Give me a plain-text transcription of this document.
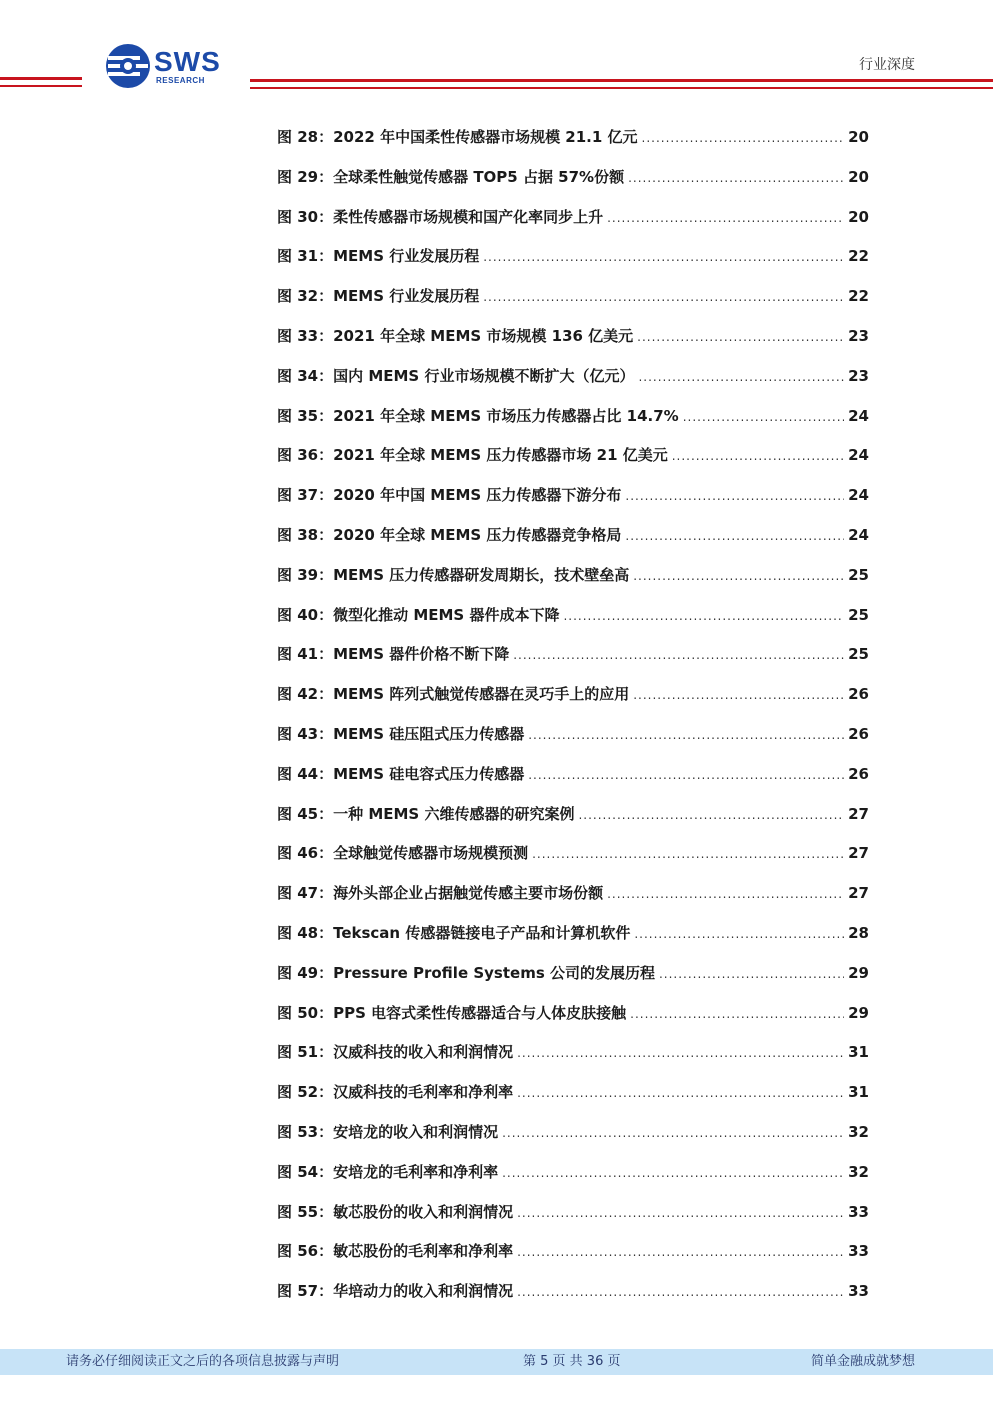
SWS
RESEARCH
行业深度
图 28：2022 年中国柔性传感器市场规模 21.1 亿元 .....	20
图 29：全球柔性触觉传感器 TOP5 占据 57%份额 .....	20
图 30：柔性传感器市场规模和国产化率同步上升 .....	20
图 31：MEMS 行业发展历程 .....	22
图 32：MEMS 行业发展历程 .....	22
图 33：2021 年全球 MEMS 市场规模 136 亿美元 .....	23
图 34：国内 MEMS 行业市场规模不断扩大（亿元） .....	23
图 35：2021 年全球 MEMS 市场压力传感器占比 14.7% .....	24
图 36：2021 年全球 MEMS 压力传感器市场 21 亿美元 .....	24
图 37：2020 年中国 MEMS 压力传感器下游分布 .....	24
图 38：2020 年全球 MEMS 压力传感器竞争格局 .....	24
图 39：MEMS 压力传感器研发周期长，技术壁垒高 .....	25
图 40：微型化推动 MEMS 器件成本下降 .....	25
图 41：MEMS 器件价格不断下降 .....	25
图 42：MEMS 阵列式触觉传感器在灵巧手上的应用 .....	26
图 43：MEMS 硅压阻式压力传感器 .....	26
图 44：MEMS 硅电容式压力传感器 .....	26
图 45：一种 MEMS 六维传感器的研究案例 .....	27
图 46：全球触觉传感器市场规模预测 .....	27
图 47：海外头部企业占据触觉传感主要市场份额 .....	27
图 48：Tekscan 传感器链接电子产品和计算机软件 .....	28
图 49：Pressure Profile Systems 公司的发展历程 .....	29
图 50：PPS 电容式柔性传感器适合与人体皮肤接触 .....	29
图 51：汉威科技的收入和利润情况 .....	31
图 52：汉威科技的毛利率和净利率 .....	31
图 53：安培龙的收入和利润情况 .....	32
图 54：安培龙的毛利率和净利率 .....	32
图 55：敏芯股份的收入和利润情况 .....	33
图 56：敏芯股份的毛利率和净利率 .....	33
图 57：华培动力的收入和利润情况 .....	33
请务必仔细阅读正文之后的各项信息披露与声明	第 5 页 共 36 页	简单金融成就梦想
